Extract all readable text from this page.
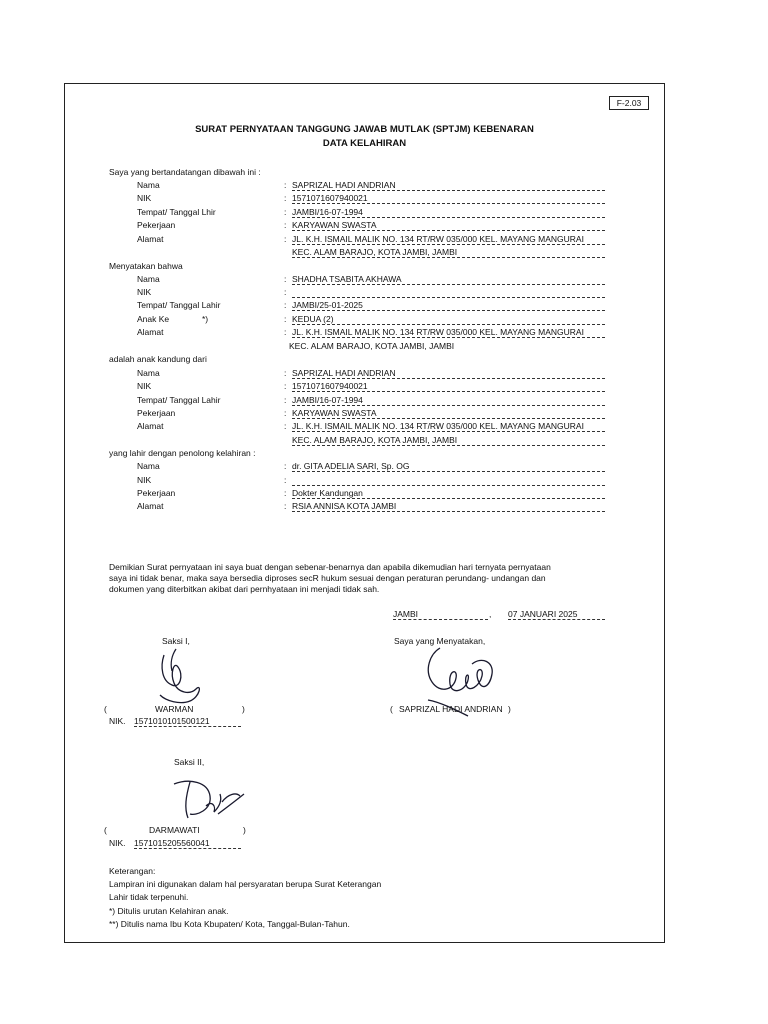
F-2.03
SURAT PERNYATAAN TANGGUNG JAWAB MUTLAK (SPTJM) KEBENARAN
DATA KELAHIRAN
Saya yang bertandatangan dibawah ini :
Nama	: SAPRIZAL HADI ANDRIAN
NIK	: 1571071607940021
Tempat/ Tanggal Lhir	: JAMBI/16-07-1994
Pekerjaan	: KARYAWAN SWASTA
Alamat	: JL. K.H. ISMAIL MALIK NO. 134 RT/RW 035/000 KEL. MAYANG MANGURAI
KEC. ALAM BARAJO, KOTA JAMBI, JAMBI
Menyatakan bahwa
Nama	: SHADHA TSABITA AKHAWA
NIK	:
Tempat/ Tanggal Lahir	: JAMBI/25-01-2025
Anak Ke	*)	: KEDUA (2)
Alamat	: JL. K.H. ISMAIL MALIK NO. 134 RT/RW 035/000 KEL. MAYANG MANGURAI
KEC. ALAM BARAJO, KOTA JAMBI, JAMBI
adalah anak kandung dari
Nama	: SAPRIZAL HADI ANDRIAN
NIK	: 1571071607940021
Tempat/ Tanggal Lahir	: JAMBI/16-07-1994
Pekerjaan	: KARYAWAN SWASTA
Alamat	: JL. K.H. ISMAIL MALIK NO. 134 RT/RW 035/000 KEL. MAYANG MANGURAI
KEC. ALAM BARAJO, KOTA JAMBI, JAMBI
yang lahir dengan penolong kelahiran :
Nama	: dr. GITA ADELIA SARI, Sp. OG
NIK	:
Pekerjaan	: Dokter Kandungan
Alamat	: RSIA ANNISA KOTA JAMBI
Demikian Surat pernyataan ini saya buat dengan sebenar-benarnya dan apabila dikemudian hari ternyata pernyataan
saya ini tidak benar, maka saya bersedia diproses secR hukum sesuai dengan peraturan perundang- undangan dan
dokumen yang diterbitkan akibat dari pernhyataan ini menjadi tidak sah.
JAMBI	, 07 JANUARI 2025
Saksi I,
(	WARMAN	)
NIK. 1571010101500121
Saya yang Menyatakan,
( SAPRIZAL HADI ANDRIAN )
Saksi II,
(	DARMAWATI	)
NIK. 1571015205560041
Keterangan:
Lampiran ini digunakan dalam hal persyaratan berupa Surat Keterangan
Lahir tidak terpenuhi.
*) Ditulis urutan Kelahiran anak.
**) Ditulis nama Ibu Kota Kbupaten/ Kota, Tanggal-Bulan-Tahun.
